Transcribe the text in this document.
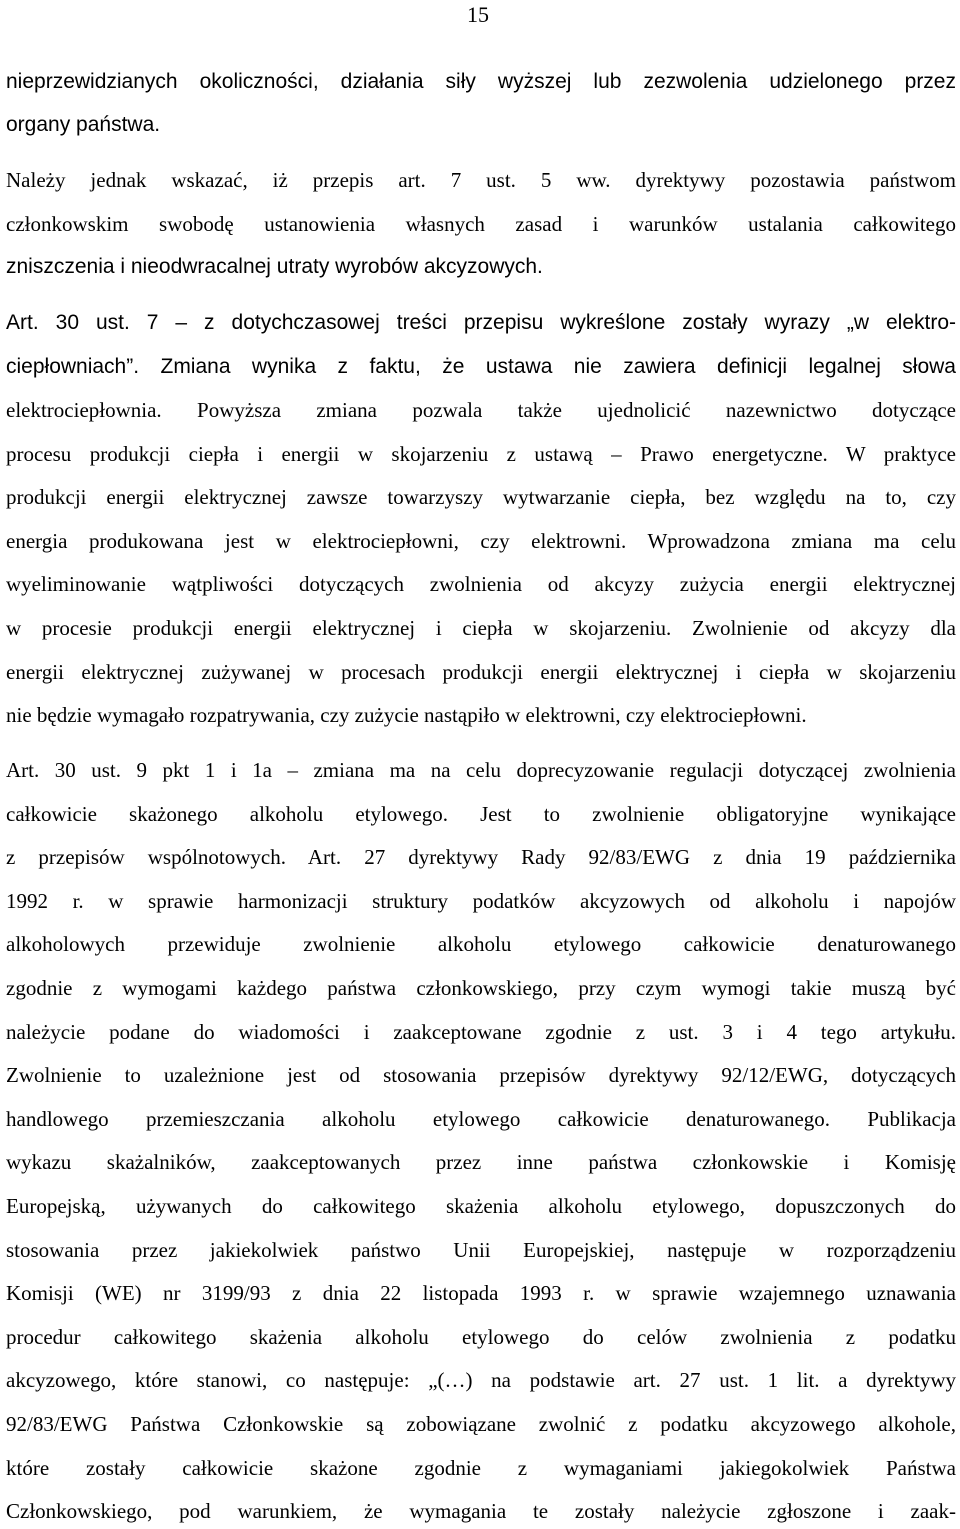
15
nieprzewidzianych okoliczności, działania siły wyższej lub zezwolenia udzielonego przez
organy państwa.
Należy jednak wskazać, iż przepis art. 7 ust. 5 ww. dyrektywy pozostawia państwom
członkowskim swobodę ustanowienia własnych zasad i warunków ustalania całkowitego
zniszczenia i nieodwracalnej utraty wyrobów akcyzowych.
Art. 30 ust. 7 – z dotychczasowej treści przepisu wykreślone zostały wyrazy „w elektro-
ciepłowniach”. Zmiana wynika z faktu, że ustawa nie zawiera definicji legalnej słowa
elektrociepłownia. Powyższa zmiana pozwala także ujednolicić nazewnictwo dotyczące
procesu produkcji ciepła i energii w skojarzeniu z ustawą – Prawo energetyczne. W praktyce
produkcji energii elektrycznej zawsze towarzyszy wytwarzanie ciepła, bez względu na to, czy
energia produkowana jest w elektrociepłowni, czy elektrowni. Wprowadzona zmiana ma celu
wyeliminowanie wątpliwości dotyczących zwolnienia od akcyzy zużycia energii elektrycznej
w procesie produkcji energii elektrycznej i ciepła w skojarzeniu. Zwolnienie od akcyzy dla
energii elektrycznej zużywanej w procesach produkcji energii elektrycznej i ciepła w skojarzeniu
nie będzie wymagało rozpatrywania, czy zużycie nastąpiło w elektrowni, czy elektrociepłowni.
Art. 30 ust. 9 pkt 1 i 1a – zmiana ma na celu doprecyzowanie regulacji dotyczącej zwolnienia
całkowicie skażonego alkoholu etylowego. Jest to zwolnienie obligatoryjne wynikające
z przepisów wspólnotowych. Art. 27 dyrektywy Rady 92/83/EWG z dnia 19 października
1992 r. w sprawie harmonizacji struktury podatków akcyzowych od alkoholu i napojów
alkoholowych przewiduje zwolnienie alkoholu etylowego całkowicie denaturowanego
zgodnie z wymogami każdego państwa członkowskiego, przy czym wymogi takie muszą być
należycie podane do wiadomości i zaakceptowane zgodnie z ust. 3 i 4 tego artykułu.
Zwolnienie to uzależnione jest od stosowania przepisów dyrektywy 92/12/EWG, dotyczących
handlowego przemieszczania alkoholu etylowego całkowicie denaturowanego. Publikacja
wykazu skażalników, zaakceptowanych przez inne państwa członkowskie i Komisję
Europejską, używanych do całkowitego skażenia alkoholu etylowego, dopuszczonych do
stosowania przez jakiekolwiek państwo Unii Europejskiej, następuje w rozporządzeniu
Komisji (WE) nr 3199/93 z dnia 22 listopada 1993 r. w sprawie wzajemnego uznawania
procedur całkowitego skażenia alkoholu etylowego do celów zwolnienia z podatku
akcyzowego, które stanowi, co następuje: „(…) na podstawie art. 27 ust. 1 lit. a dyrektywy
92/83/EWG Państwa Członkowskie są zobowiązane zwolnić z podatku akcyzowego alkohole,
które zostały całkowicie skażone zgodnie z wymaganiami jakiegokolwiek Państwa
Członkowskiego, pod warunkiem, że wymagania te zostały należycie zgłoszone i zaak-
